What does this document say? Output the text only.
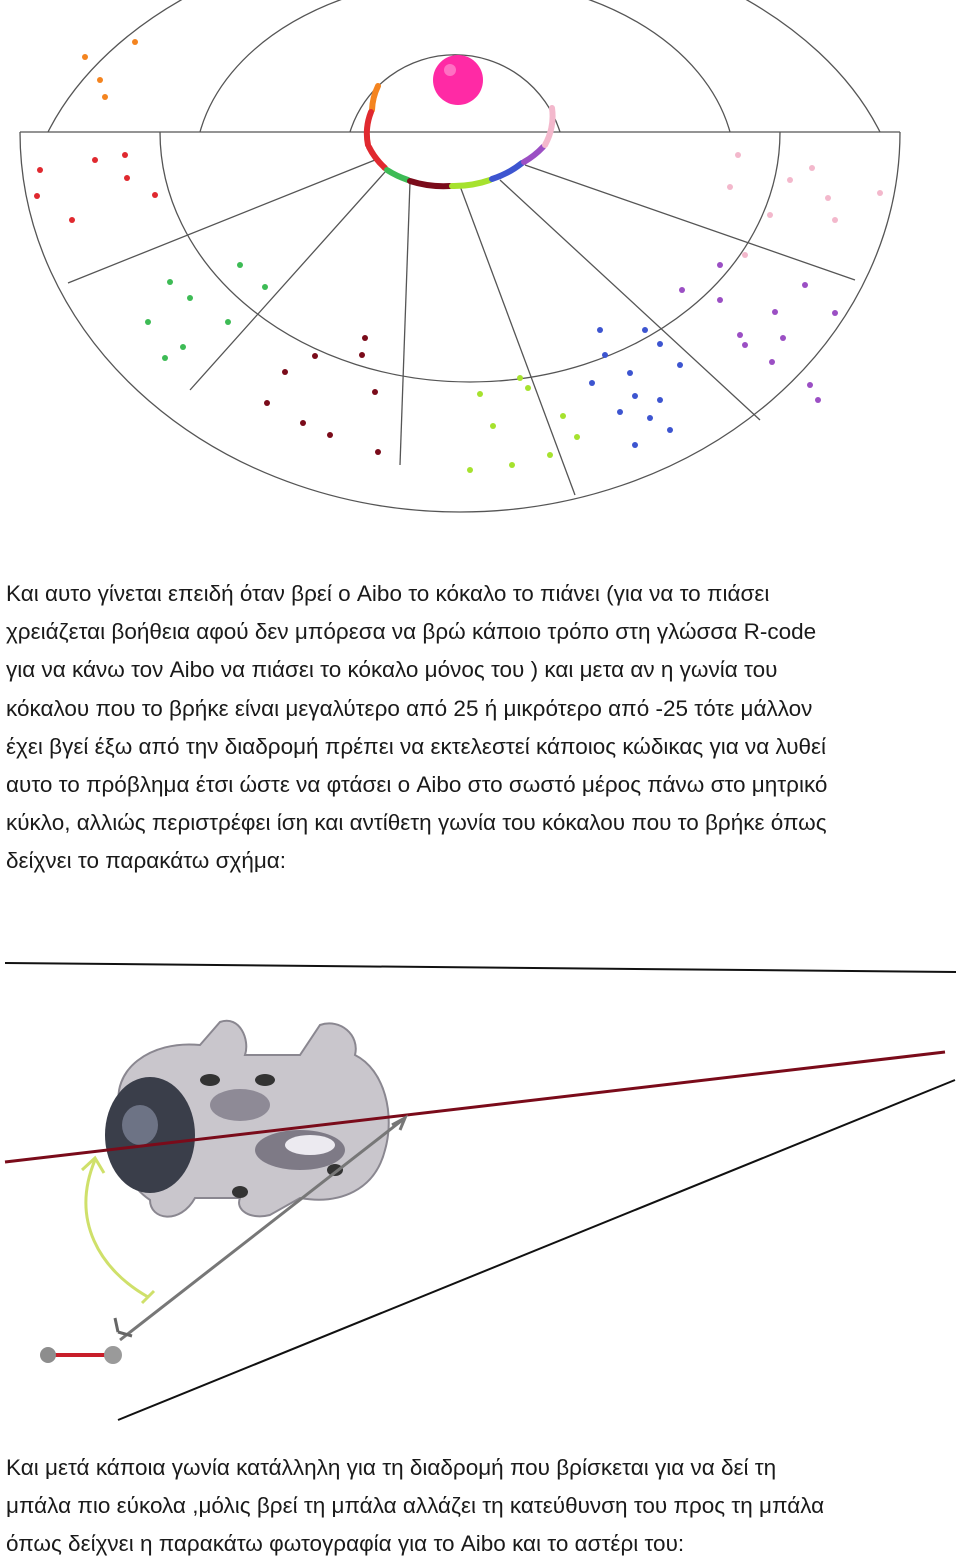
Και αυτο γίνεται επειδή όταν βρεί ο Aibo το κόκαλο το πιάνει (για να το πιάσει
χρειάζεται βοήθεια αφού δεν μπόρεσα να βρώ κάποιο τρόπο στη γλώσσα R-code
για να κάνω τον Aibo να πιάσει το κόκαλο μόνος του ) και μετα αν η γωνία του
κόκαλου που το βρήκε είναι μεγαλύτερο από 25 ή μικρότερο από -25 τότε μάλλον
έχει βγεί έξω από την διαδρομή πρέπει να εκτελεστεί κάποιος κώδικας για να λυθεί
αυτο το πρόβλημα έτσι ώστε να φτάσει ο Aibo στο σωστό μέρος πάνω στο μητρικό
κύκλο, αλλιώς περιστρέφει ίση και αντίθετη γωνία του κόκαλου που το βρήκε όπως
δείχνει το παρακάτω σχήμα:

Και μετά κάποια γωνία κατάλληλη για τη διαδρομή που βρίσκεται για να δεί τη
μπάλα πιο εύκολα ,μόλις βρεί τη μπάλα αλλάζει τη κατεύθυνση του προς τη μπάλα
όπως δείχνει η παρακάτω φωτογραφία για το Aibo και το αστέρι του:
